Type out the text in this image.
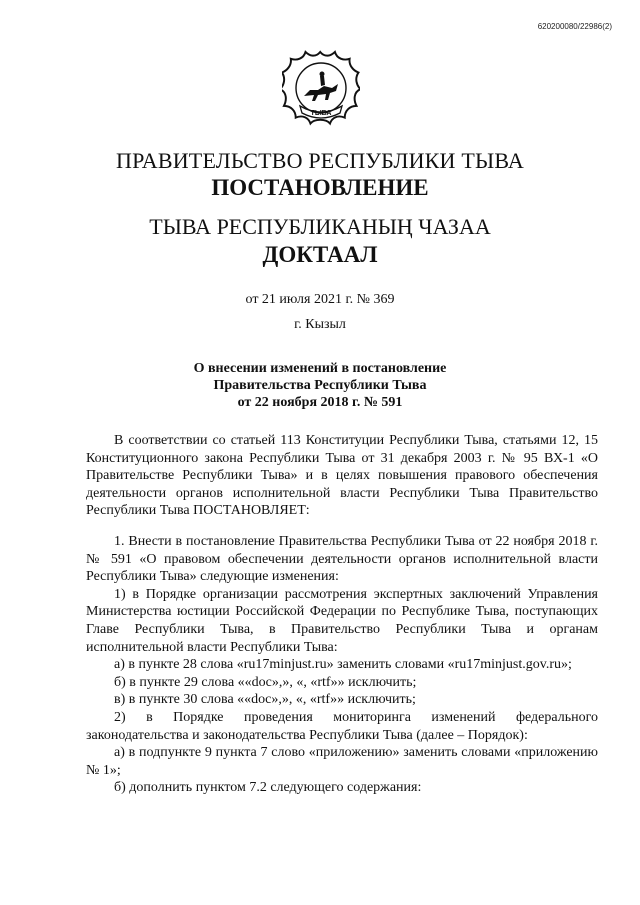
620200080/22986(2)
ТЫВА
ПРАВИТЕЛЬСТВО РЕСПУБЛИКИ ТЫВА
ПОСТАНОВЛЕНИЕ
ТЫВА РЕСПУБЛИКАНЫҢ ЧАЗАА
ДОКТААЛ
от 21 июля 2021 г. № 369
г. Кызыл
О внесении изменений в постановление
Правительства Республики Тыва
от 22 ноября 2018 г. № 591

В соответствии со статьей 113 Конституции Республики Тыва, статьями 12, 15 Конституционного закона Республики Тыва от 31 декабря 2003 г. № 95 ВХ-1 «О Правительстве Республики Тыва» и в целях повышения правового обеспечения деятельности органов исполнительной власти Республики Тыва Правительство Республики Тыва ПОСТАНОВЛЯЕТ:

1. Внести в постановление Правительства Республики Тыва от 22 ноября 2018 г. № 591 «О правовом обеспечении деятельности органов исполнительной власти Республики Тыва» следующие изменения:

1) в Порядке организации рассмотрения экспертных заключений Управления Министерства юстиции Российской Федерации по Республике Тыва, поступающих Главе Республики Тыва, в Правительство Республики Тыва и органам исполнительной власти Республики Тыва:

а) в пункте 28 слова «ru17minjust.ru» заменить словами «ru17minjust.gov.ru»;

б) в пункте 29 слова ««doc»,», «, «rtf»» исключить;

в) в пункте 30 слова ««doc»,», «, «rtf»» исключить;

2) в Порядке проведения мониторинга изменений федерального законодательства и законодательства Республики Тыва (далее – Порядок):

а) в подпункте 9 пункта 7 слово «приложению» заменить словами «приложению № 1»;

б) дополнить пунктом 7.2 следующего содержания:
